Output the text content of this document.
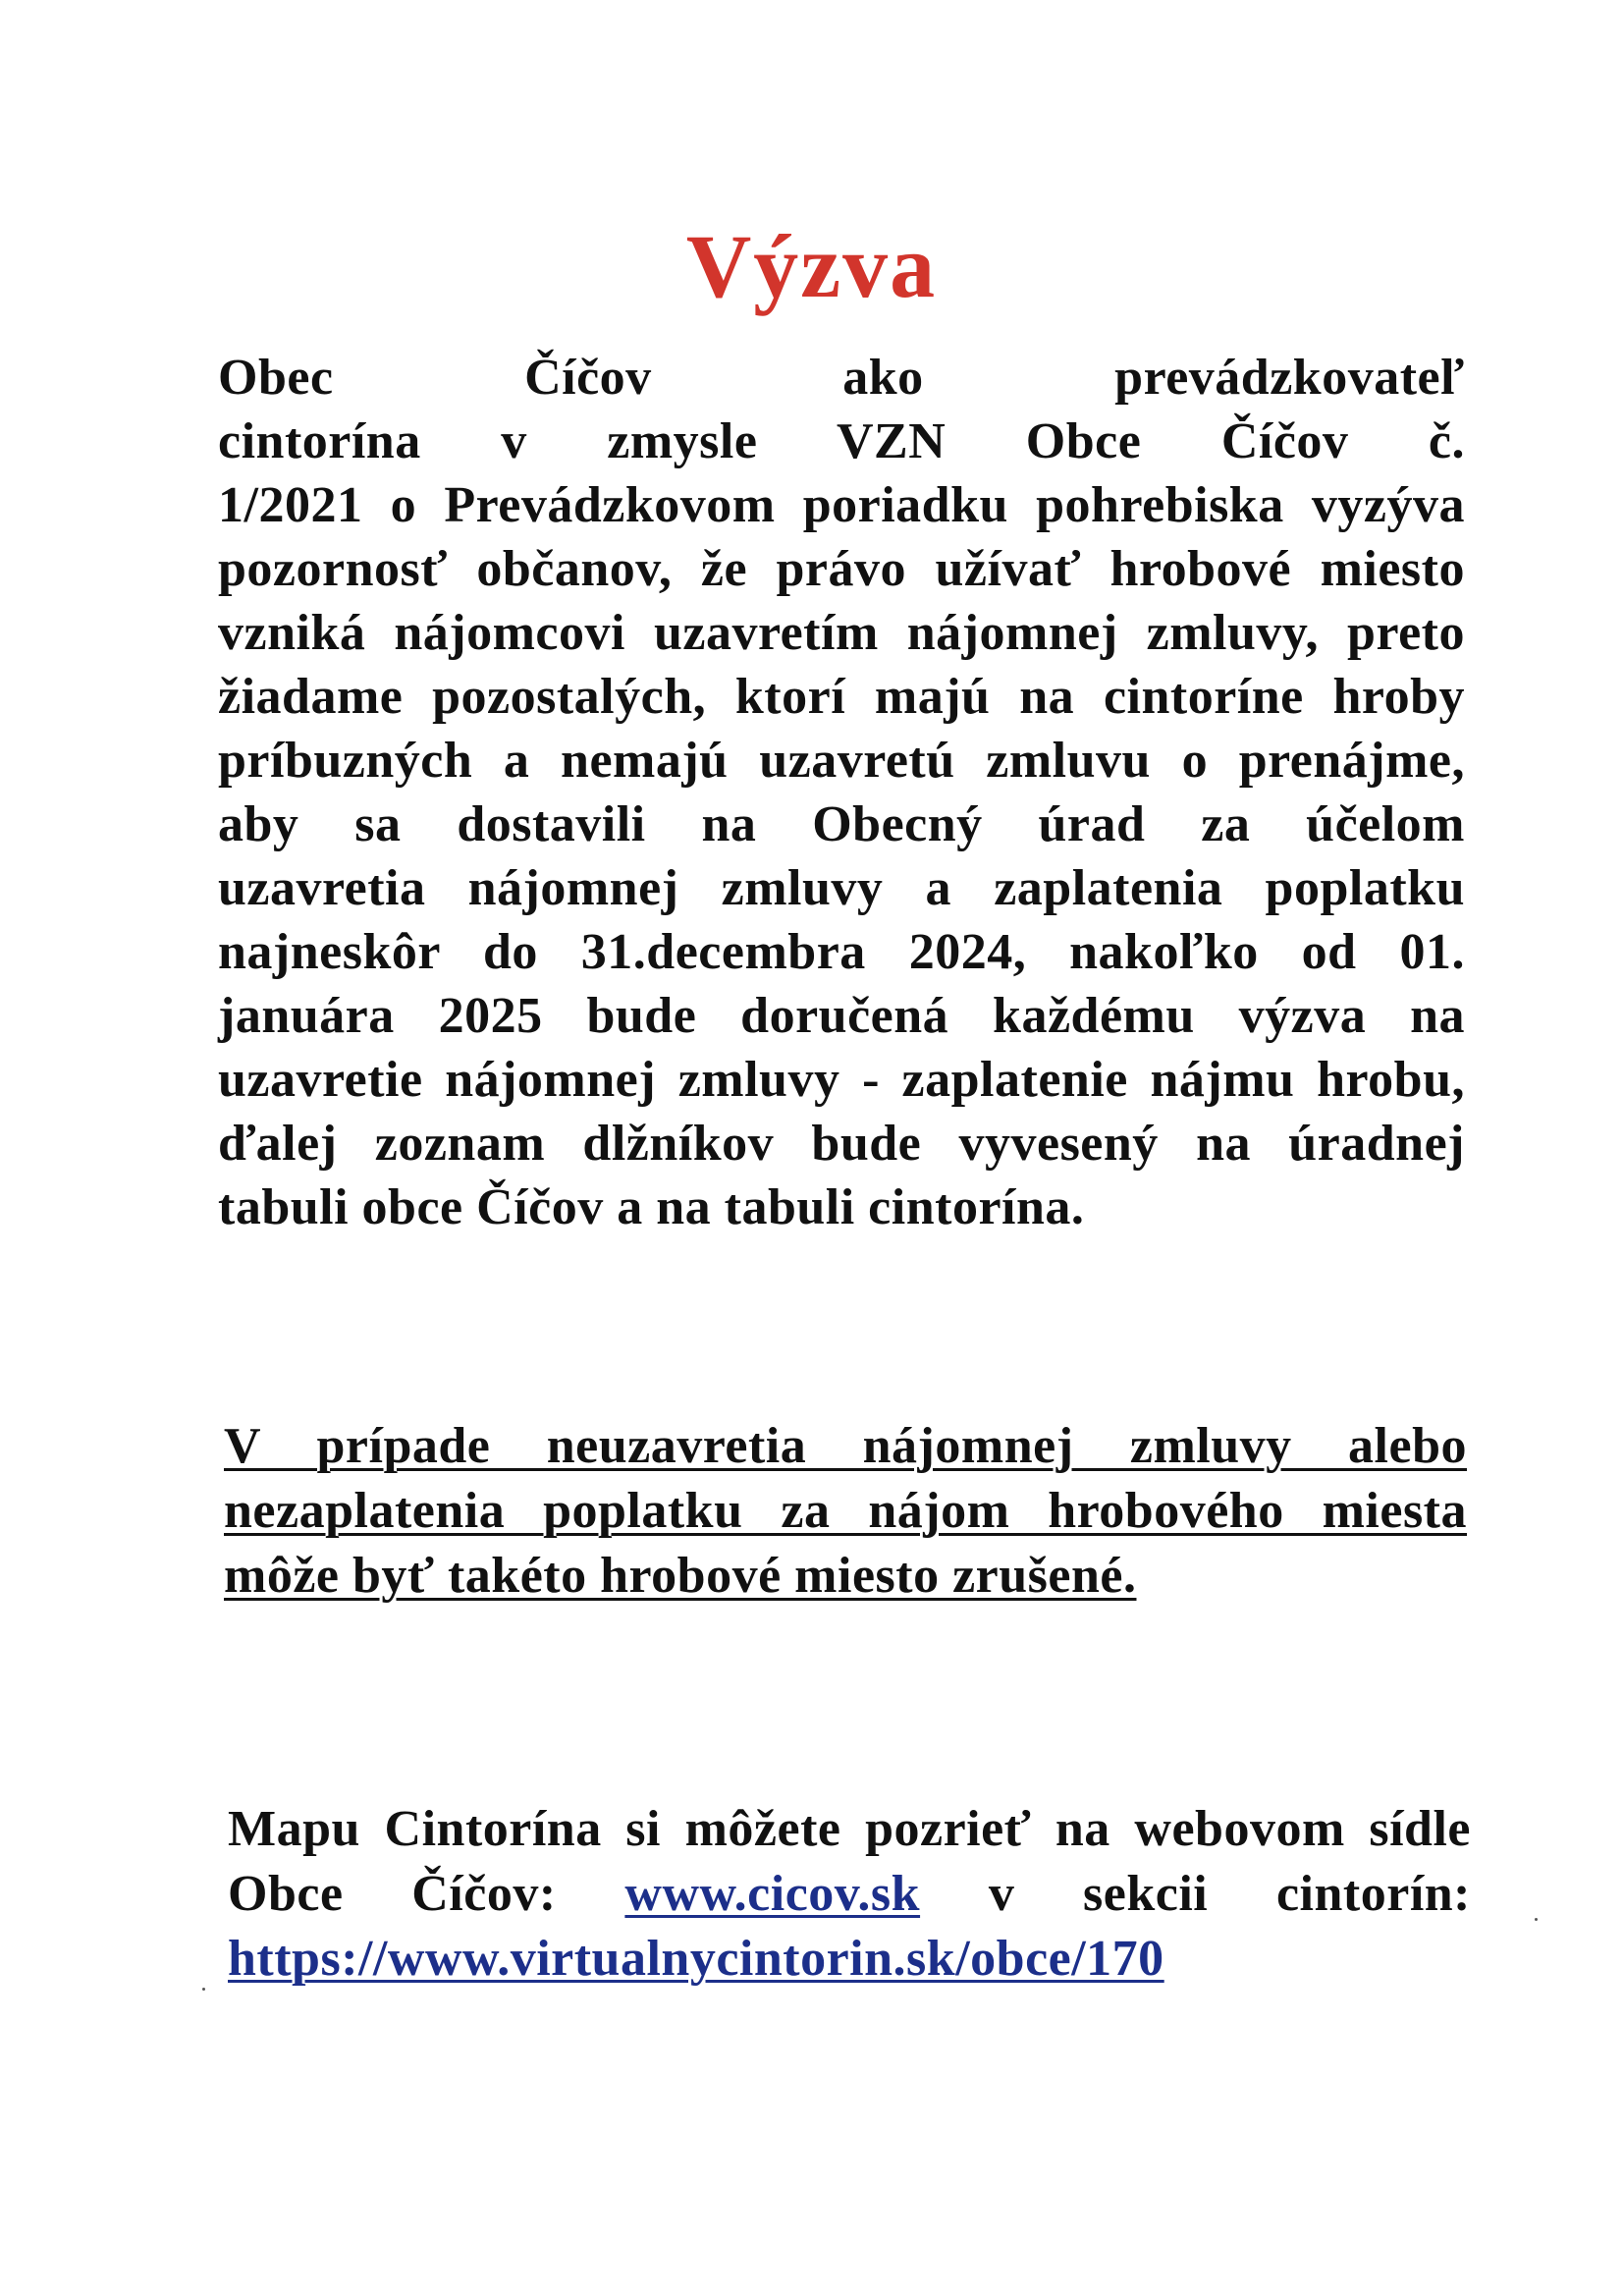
Výzva
Obec Číčov ako prevádzkovateľ
cintorína v zmysle VZN Obce Číčov č.
1/2021 o Prevádzkovom poriadku pohrebiska vyzýva
pozornosť občanov, že právo užívať hrobové miesto
vzniká nájomcovi uzavretím nájomnej zmluvy, preto
žiadame pozostalých, ktorí majú na cintoríne hroby
príbuzných a nemajú uzavretú zmluvu o prenájme,
aby sa dostavili na Obecný úrad za účelom
uzavretia nájomnej zmluvy a zaplatenia poplatku
najneskôr do 31.decembra 2024, nakoľko od 01.
januára 2025 bude doručená každému výzva na
uzavretie nájomnej zmluvy - zaplatenie nájmu hrobu,
ďalej zoznam dlžníkov bude vyvesený na úradnej
tabuli obce Číčov a na tabuli cintorína.
V prípade neuzavretia nájomnej zmluvy alebo
nezaplatenia poplatku za nájom hrobového miesta
môže byť takéto hrobové miesto zrušené.
Mapu Cintorína si môžete pozrieť na webovom sídle
Obce Číčov: www.cicov.sk v sekcii cintorín:
https://www.virtualnycintorin.sk/obce/170
